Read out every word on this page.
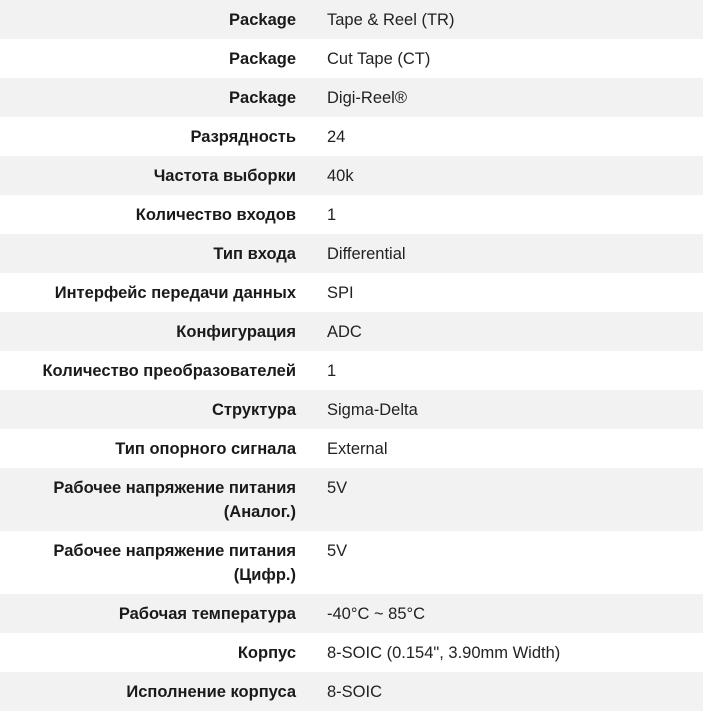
Package	Tape & Reel (TR)
Package	Cut Tape (CT)
Package	Digi-Reel®
Разрядность	24
Частота выборки	40k
Количество входов	1
Тип входа	Differential
Интерфейс передачи данных	SPI
Конфигурация	ADC
Количество преобразователей	1
Структура	Sigma-Delta
Тип опорного сигнала	External
Рабочее напряжение питания (Аналог.)	5V
Рабочее напряжение питания (Цифр.)	5V
Рабочая температура	-40°C ~ 85°C
Корпус	8-SOIC (0.154", 3.90mm Width)
Исполнение корпуса	8-SOIC
